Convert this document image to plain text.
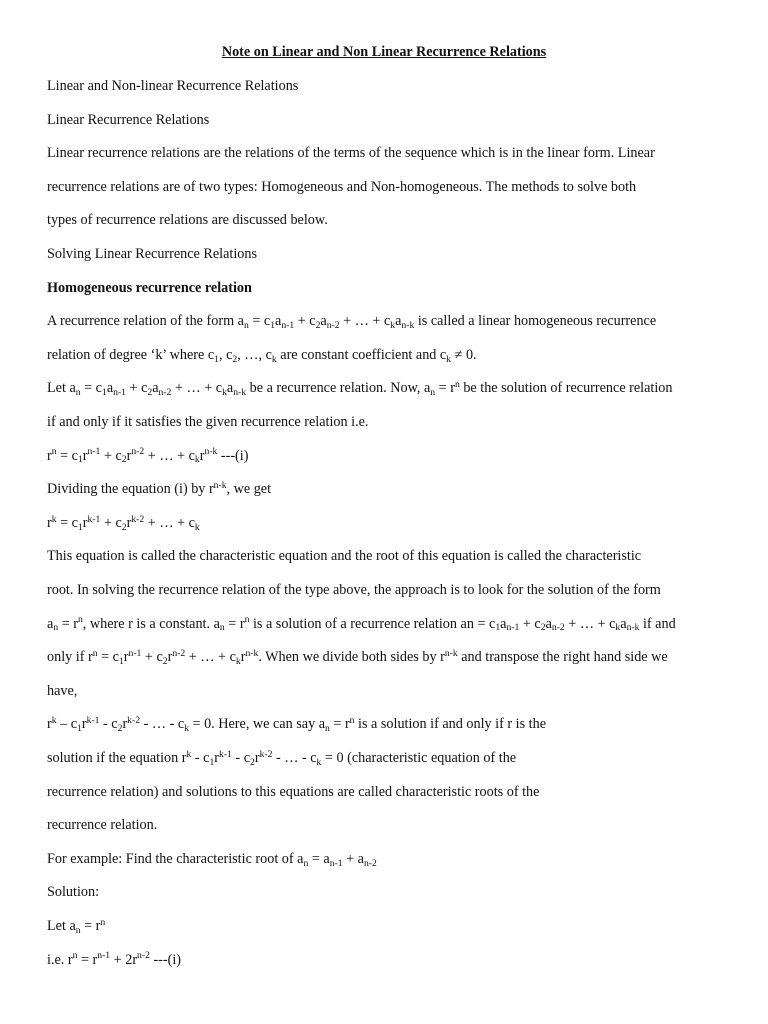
Note on Linear and Non Linear Recurrence Relations
Linear and Non-linear Recurrence Relations
Linear Recurrence Relations
Linear recurrence relations are the relations of the terms of the sequence which is in the linear form. Linear
recurrence relations are of two types: Homogeneous and Non-homogeneous. The methods to solve both
types of recurrence relations are discussed below.
Solving Linear Recurrence Relations
Homogeneous recurrence relation
A recurrence relation of the form $a_n = c_1a_{n-1} + c_2a_{n-2}$ + … + $c_ka_{n-k}$ is called a linear homogeneous recurrence
relation of degree ‘k’ where $c_1$, $c_2$, …, $c_k$ are constant coefficient and $c_k \ne 0$.
Let $a_n = c_1a_{n-1} + c_2a_{n-2}$ + … + $c_ka_{n-k}$ be a recurrence relation. Now, $a_n = r^n$ be the solution of recurrence relation
if and only if it satisfies the given recurrence relation i.e.
$r^n = c_1r^{n-1} + c_2r^{n-2}$ + … + $c_kr^{n-k}$ ---(i)
Dividing the equation (i) by $r^{n-k}$, we get
$r^k = c_1r^{k-1} + c_2r^{k-2}$ + … + $c_k$
This equation is called the characteristic equation and the root of this equation is called the characteristic
root. In solving the recurrence relation of the type above, the approach is to look for the solution of the form
$a_n = r^n$, where r is a constant. $a_n = r^n$ is a solution of a recurrence relation an = $c_1a_{n-1} + c_2a_{n-2}$ + … + $c_ka_{n-k}$ if and
only if $r^n = c_1r^{n-1} + c_2r^{n-2}$ + … + $c_kr^{n-k}$. When we divide both sides by $r^{n-k}$ and transpose the right hand side we
have,
$r^k - c_1r^{k-1} - c_2r^{k-2}$ - … - $c_k = 0$. Here, we can say $a_n = r^n$ is a solution if and only if r is the
solution if the equation $r^k - c_1r^{k-1} - c_2r^{k-2}$ - … - $c_k = 0$ (characteristic equation of the
recurrence relation) and solutions to this equations are called characteristic roots of the
recurrence relation.
For example: Find the characteristic root of $a_n = a_{n-1} + a_{n-2}$
Solution:
Let $a_n = r^n$
i.e. $r^n = r^{n-1} + 2r^{n-2}$ ---(i)
